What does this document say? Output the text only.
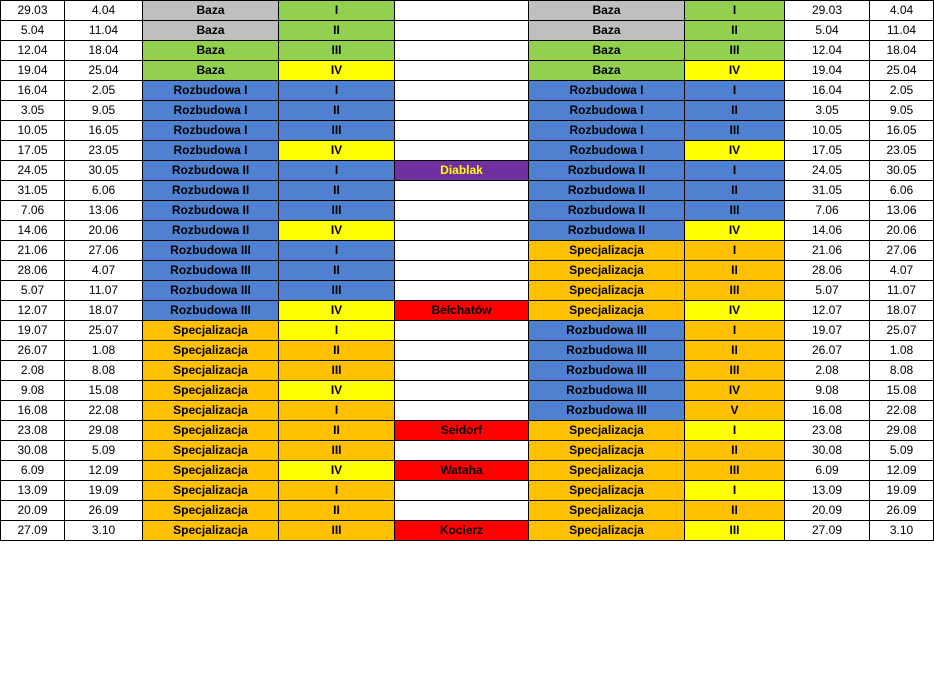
29.03	4.04	Baza	I		Baza	I	29.03	4.04
5.04	11.04	Baza	II		Baza	II	5.04	11.04
12.04	18.04	Baza	III		Baza	III	12.04	18.04
19.04	25.04	Baza	IV		Baza	IV	19.04	25.04
16.04	2.05	Rozbudowa I	I		Rozbudowa I	I	16.04	2.05
3.05	9.05	Rozbudowa I	II		Rozbudowa I	II	3.05	9.05
10.05	16.05	Rozbudowa I	III		Rozbudowa I	III	10.05	16.05
17.05	23.05	Rozbudowa I	IV		Rozbudowa I	IV	17.05	23.05
24.05	30.05	Rozbudowa II	I	Diablak	Rozbudowa II	I	24.05	30.05
31.05	6.06	Rozbudowa II	II		Rozbudowa II	II	31.05	6.06
7.06	13.06	Rozbudowa II	III		Rozbudowa II	III	7.06	13.06
14.06	20.06	Rozbudowa II	IV		Rozbudowa II	IV	14.06	20.06
21.06	27.06	Rozbudowa III	I		Specjalizacja	I	21.06	27.06
28.06	4.07	Rozbudowa III	II		Specjalizacja	II	28.06	4.07
5.07	11.07	Rozbudowa III	III		Specjalizacja	III	5.07	11.07
12.07	18.07	Rozbudowa III	IV	Bełchatów	Specjalizacja	IV	12.07	18.07
19.07	25.07	Specjalizacja	I		Rozbudowa III	I	19.07	25.07
26.07	1.08	Specjalizacja	II		Rozbudowa III	II	26.07	1.08
2.08	8.08	Specjalizacja	III		Rozbudowa III	III	2.08	8.08
9.08	15.08	Specjalizacja	IV		Rozbudowa III	IV	9.08	15.08
16.08	22.08	Specjalizacja	I		Rozbudowa III	V	16.08	22.08
23.08	29.08	Specjalizacja	II	Seidorf	Specjalizacja	I	23.08	29.08
30.08	5.09	Specjalizacja	III		Specjalizacja	II	30.08	5.09
6.09	12.09	Specjalizacja	IV	Wataha	Specjalizacja	III	6.09	12.09
13.09	19.09	Specjalizacja	I		Specjalizacja	I	13.09	19.09
20.09	26.09	Specjalizacja	II		Specjalizacja	II	20.09	26.09
27.09	3.10	Specjalizacja	III	Kocierz	Specjalizacja	III	27.09	3.10
